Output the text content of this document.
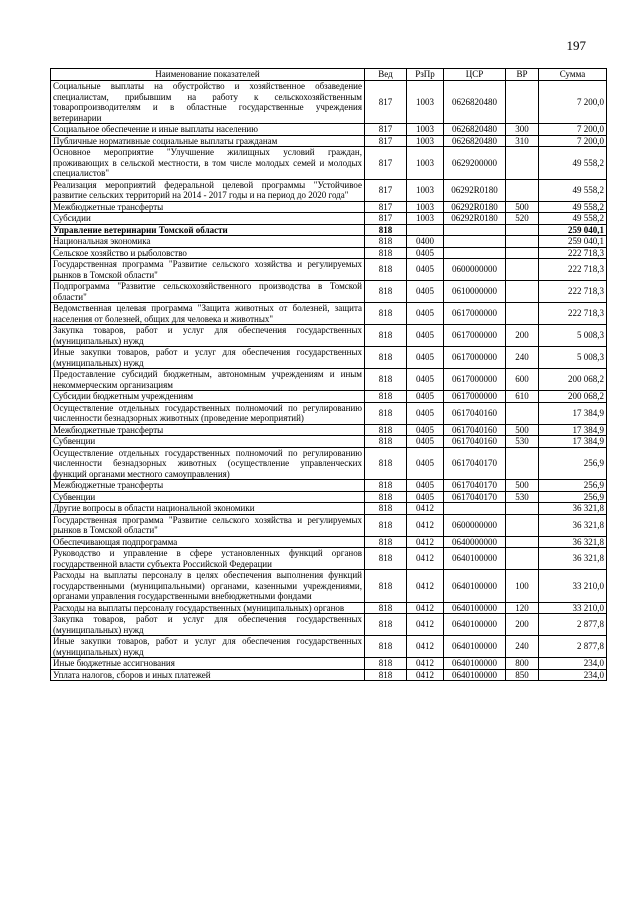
197
Наименование показателей	Вед	РзПр	ЦСР	ВР	Сумма
Социальные выплаты на обустройство и хозяйственное обзаведение специалистам, прибывшим на работу к сельскохозяйственным товаропроизводителям и в областные государственные учреждения ветеринарии	817	1003	0626820480		7 200,0
Социальное обеспечение и иные выплаты населению	817	1003	0626820480	300	7 200,0
Публичные нормативные социальные выплаты гражданам	817	1003	0626820480	310	7 200,0
Основное мероприятие "Улучшение жилищных условий граждан, проживающих в сельской местности, в том числе молодых семей и молодых специалистов"	817	1003	0629200000		49 558,2
Реализация мероприятий федеральной целевой программы "Устойчивое развитие сельских территорий на 2014 - 2017 годы и на период до 2020 года"	817	1003	06292R0180		49 558,2
Межбюджетные трансферты	817	1003	06292R0180	500	49 558,2
Субсидии	817	1003	06292R0180	520	49 558,2
Управление ветеринарии Томской области	818				259 040,1
Национальная экономика	818	0400			259 040,1
Сельское хозяйство и рыболовство	818	0405			222 718,3
Государственная программа "Развитие сельского хозяйства и регулируемых рынков в Томской области"	818	0405	0600000000		222 718,3
Подпрограмма "Развитие сельскохозяйственного производства в Томской области"	818	0405	0610000000		222 718,3
Ведомственная целевая программа "Защита животных от болезней, защита населения от болезней, общих для человека и животных"	818	0405	0617000000		222 718,3
Закупка товаров, работ и услуг для обеспечения государственных (муниципальных) нужд	818	0405	0617000000	200	5 008,3
Иные закупки товаров, работ и услуг для обеспечения государственных (муниципальных) нужд	818	0405	0617000000	240	5 008,3
Предоставление субсидий бюджетным, автономным учреждениям и иным некоммерческим организациям	818	0405	0617000000	600	200 068,2
Субсидии бюджетным учреждениям	818	0405	0617000000	610	200 068,2
Осуществление отдельных государственных полномочий по регулированию численности безнадзорных животных (проведение мероприятий)	818	0405	0617040160		17 384,9
Межбюджетные трансферты	818	0405	0617040160	500	17 384,9
Субвенции	818	0405	0617040160	530	17 384,9
Осуществление отдельных государственных полномочий по регулированию численности безнадзорных животных (осуществление управленческих функций органами местного самоуправления)	818	0405	0617040170		256,9
Межбюджетные трансферты	818	0405	0617040170	500	256,9
Субвенции	818	0405	0617040170	530	256,9
Другие вопросы в области национальной экономики	818	0412			36 321,8
Государственная программа "Развитие сельского хозяйства и регулируемых рынков в Томской области"	818	0412	0600000000		36 321,8
Обеспечивающая подпрограмма	818	0412	0640000000		36 321,8
Руководство и управление в сфере установленных функций органов государственной власти субъекта Российской Федерации	818	0412	0640100000		36 321,8
Расходы на выплаты персоналу в целях обеспечения выполнения функций государственными (муниципальными) органами, казенными учреждениями, органами управления государственными внебюджетными фондами	818	0412	0640100000	100	33 210,0
Расходы на выплаты персоналу государственных (муниципальных) органов	818	0412	0640100000	120	33 210,0
Закупка товаров, работ и услуг для обеспечения государственных (муниципальных) нужд	818	0412	0640100000	200	2 877,8
Иные закупки товаров, работ и услуг для обеспечения государственных (муниципальных) нужд	818	0412	0640100000	240	2 877,8
Иные бюджетные ассигнования	818	0412	0640100000	800	234,0
Уплата налогов, сборов и иных платежей	818	0412	0640100000	850	234,0
